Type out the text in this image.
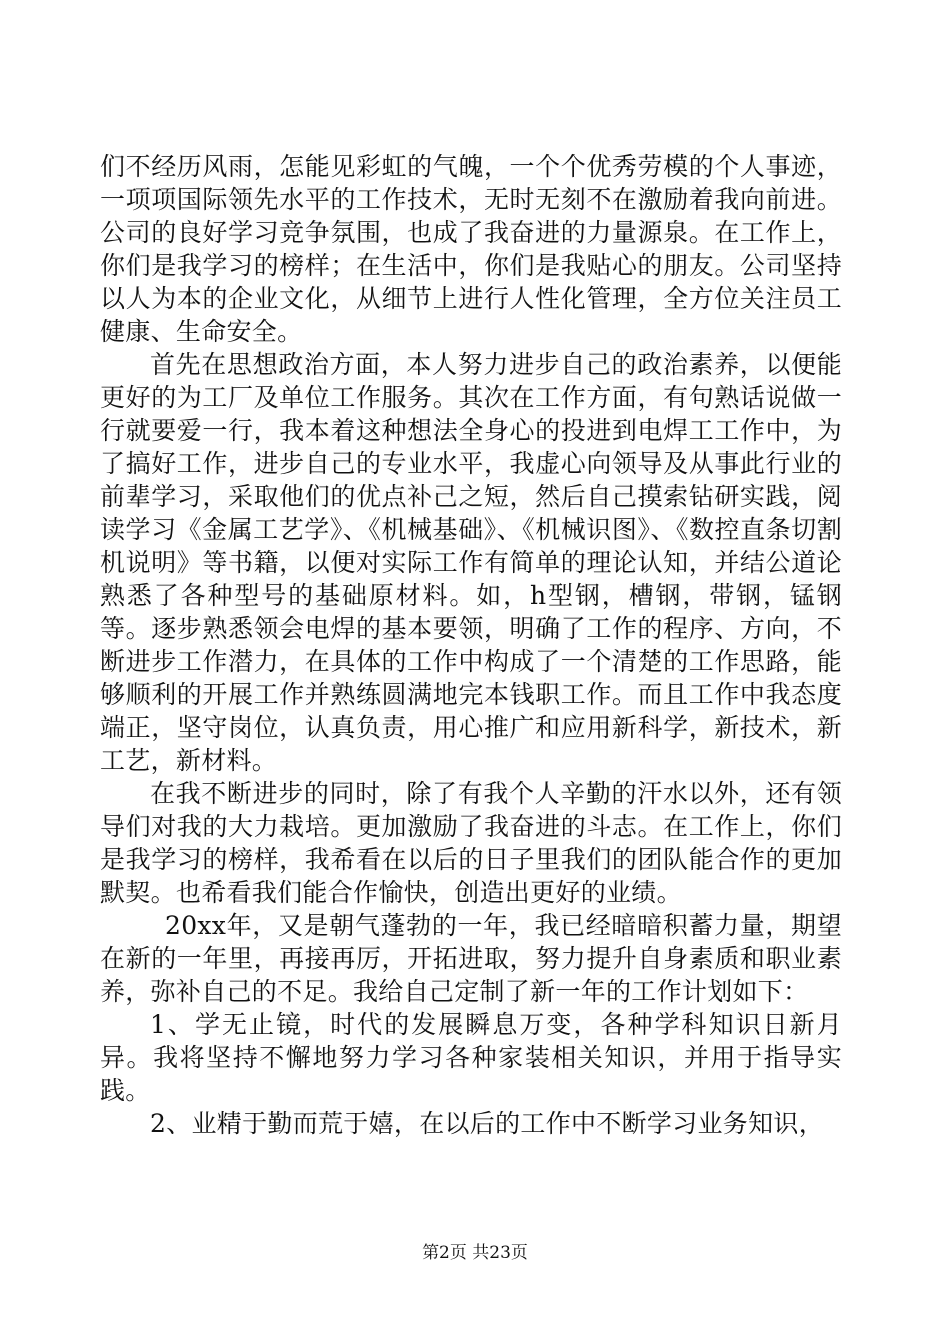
们不经历风雨，怎能见彩虹的气魄，一个个优秀劳模的个人事迹，一项项国际领先水平的工作技术，无时无刻不在激励着我向前进。公司的良好学习竞争氛围，也成了我奋进的力量源泉。在工作上，你们是我学习的榜样；在生活中，你们是我贴心的朋友。公司坚持以人为本的企业文化，从细节上进行人性化管理，全方位关注员工健康、生命安全。

首先在思想政治方面，本人努力进步自己的政治素养，以便能更好的为工厂及单位工作服务。其次在工作方面，有句熟话说做一行就要爱一行，我本着这种想法全身心的投进到电焊工工作中，为了搞好工作，进步自己的专业水平，我虚心向领导及从事此行业的前辈学习，采取他们的优点补己之短，然后自己摸索钻研实践，阅读学习《金属工艺学》、《机械基础》、《机械识图》、《数控直条切割机说明》等书籍，以便对实际工作有简单的理论认知，并结公道论熟悉了各种型号的基础原材料。如，h型钢，槽钢，带钢，锰钢等。逐步熟悉领会电焊的基本要领，明确了工作的程序、方向，不断进步工作潜力，在具体的工作中构成了一个清楚的工作思路，能够顺利的开展工作并熟练圆满地完本钱职工作。而且工作中我态度端正，坚守岗位，认真负责，用心推广和应用新科学，新技术，新工艺，新材料。

在我不断进步的同时，除了有我个人辛勤的汗水以外，还有领导们对我的大力栽培。更加激励了我奋进的斗志。在工作上，你们是我学习的榜样，我希看在以后的日子里我们的团队能合作的更加默契。也希看我们能合作愉快，创造出更好的业绩。

20xx年，又是朝气蓬勃的一年，我已经暗暗积蓄力量，期望在新的一年里，再接再厉，开拓进取，努力提升自身素质和职业素养，弥补自己的不足。我给自己定制了新一年的工作计划如下：

1、学无止镜，时代的发展瞬息万变，各种学科知识日新月异。我将坚持不懈地努力学习各种家装相关知识，并用于指导实践。

2、业精于勤而荒于嬉，在以后的工作中不断学习业务知识，

第2页 共23页
